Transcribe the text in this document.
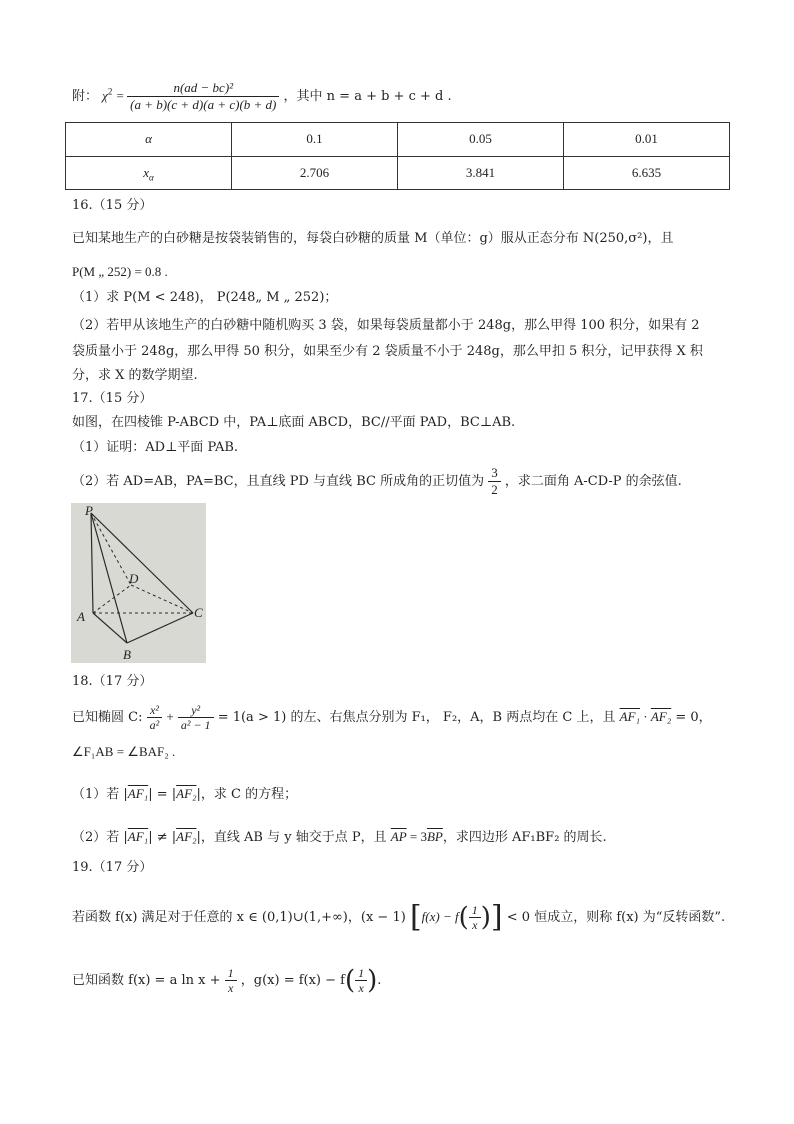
附： $\chi^2 = \frac{\text{n(ad − bc)²}}{(a + b)(c + d)(a + c)(b + d)}$ ，其中 n = a + b + c + d .
α	0.1	0.05	0.01
$x_\alpha$	2.706	3.841	6.635
16.（15 分）
已知某地生产的白砂糖是按袋装销售的，每袋白砂糖的质量 M（单位：g）服从正态分布 N(250,σ²)，且
P(M „ 252) = 0.8 .
（1）求 P(M < 248)， P(248„ M „ 252)；
（2）若甲从该地生产的白砂糖中随机购买 3 袋，如果每袋质量都小于 248g，那么甲得 100 积分，如果有 2
袋质量小于 248g，那么甲得 50 积分，如果至少有 2 袋质量不小于 248g，那么甲扣 5 积分，记甲获得 X 积
分，求 X 的数学期望.
17.（15 分）
如图，在四棱锥 P-ABCD 中，PA⊥底面 ABCD，BC//平面 PAD，BC⊥AB.
（1）证明：AD⊥平面 PAB.
（2）若 AD=AB，PA=BC，且直线 PD 与直线 BC 所成角的正切值为 $\frac{3}{2}$ ，求二面角 A-CD-P 的余弦值.
P
D
A	C
B
18.（17 分）
已知椭圆 C: $\frac{\text{x²}}{\text{a²}} + \frac{\text{y²}}{\text{a² − 1}} = 1(a > 1)$ 的左、右焦点分别为 F₁， F₂，A，B 两点均在 C 上，且 AF₁ · AF₂ = 0，
∠F₁AB = ∠BAF₂ .
（1）若 |AF₁| = |AF₂|，求 C 的方程；
（2）若 |AF₁| ≠ |AF₂|，直线 AB 与 y 轴交于点 P，且 $\overline{AP} = 3\overline{BP}$，求四边形 AF₁BF₂ 的周长.
19.（17 分）
若函数 f(x) 满足对于任意的 x ∈ (0,1)∪(1,+∞)，(x − 1) [$f(x) - f( \frac{1}{x}$ )] < 0 恒成立，则称 f(x) 为“反转函数”.
已知函数 f(x) = a $\ln x + \frac{1}{x}$ ，$g(x) = f(x) - f( \frac{1}{x}$ ).
